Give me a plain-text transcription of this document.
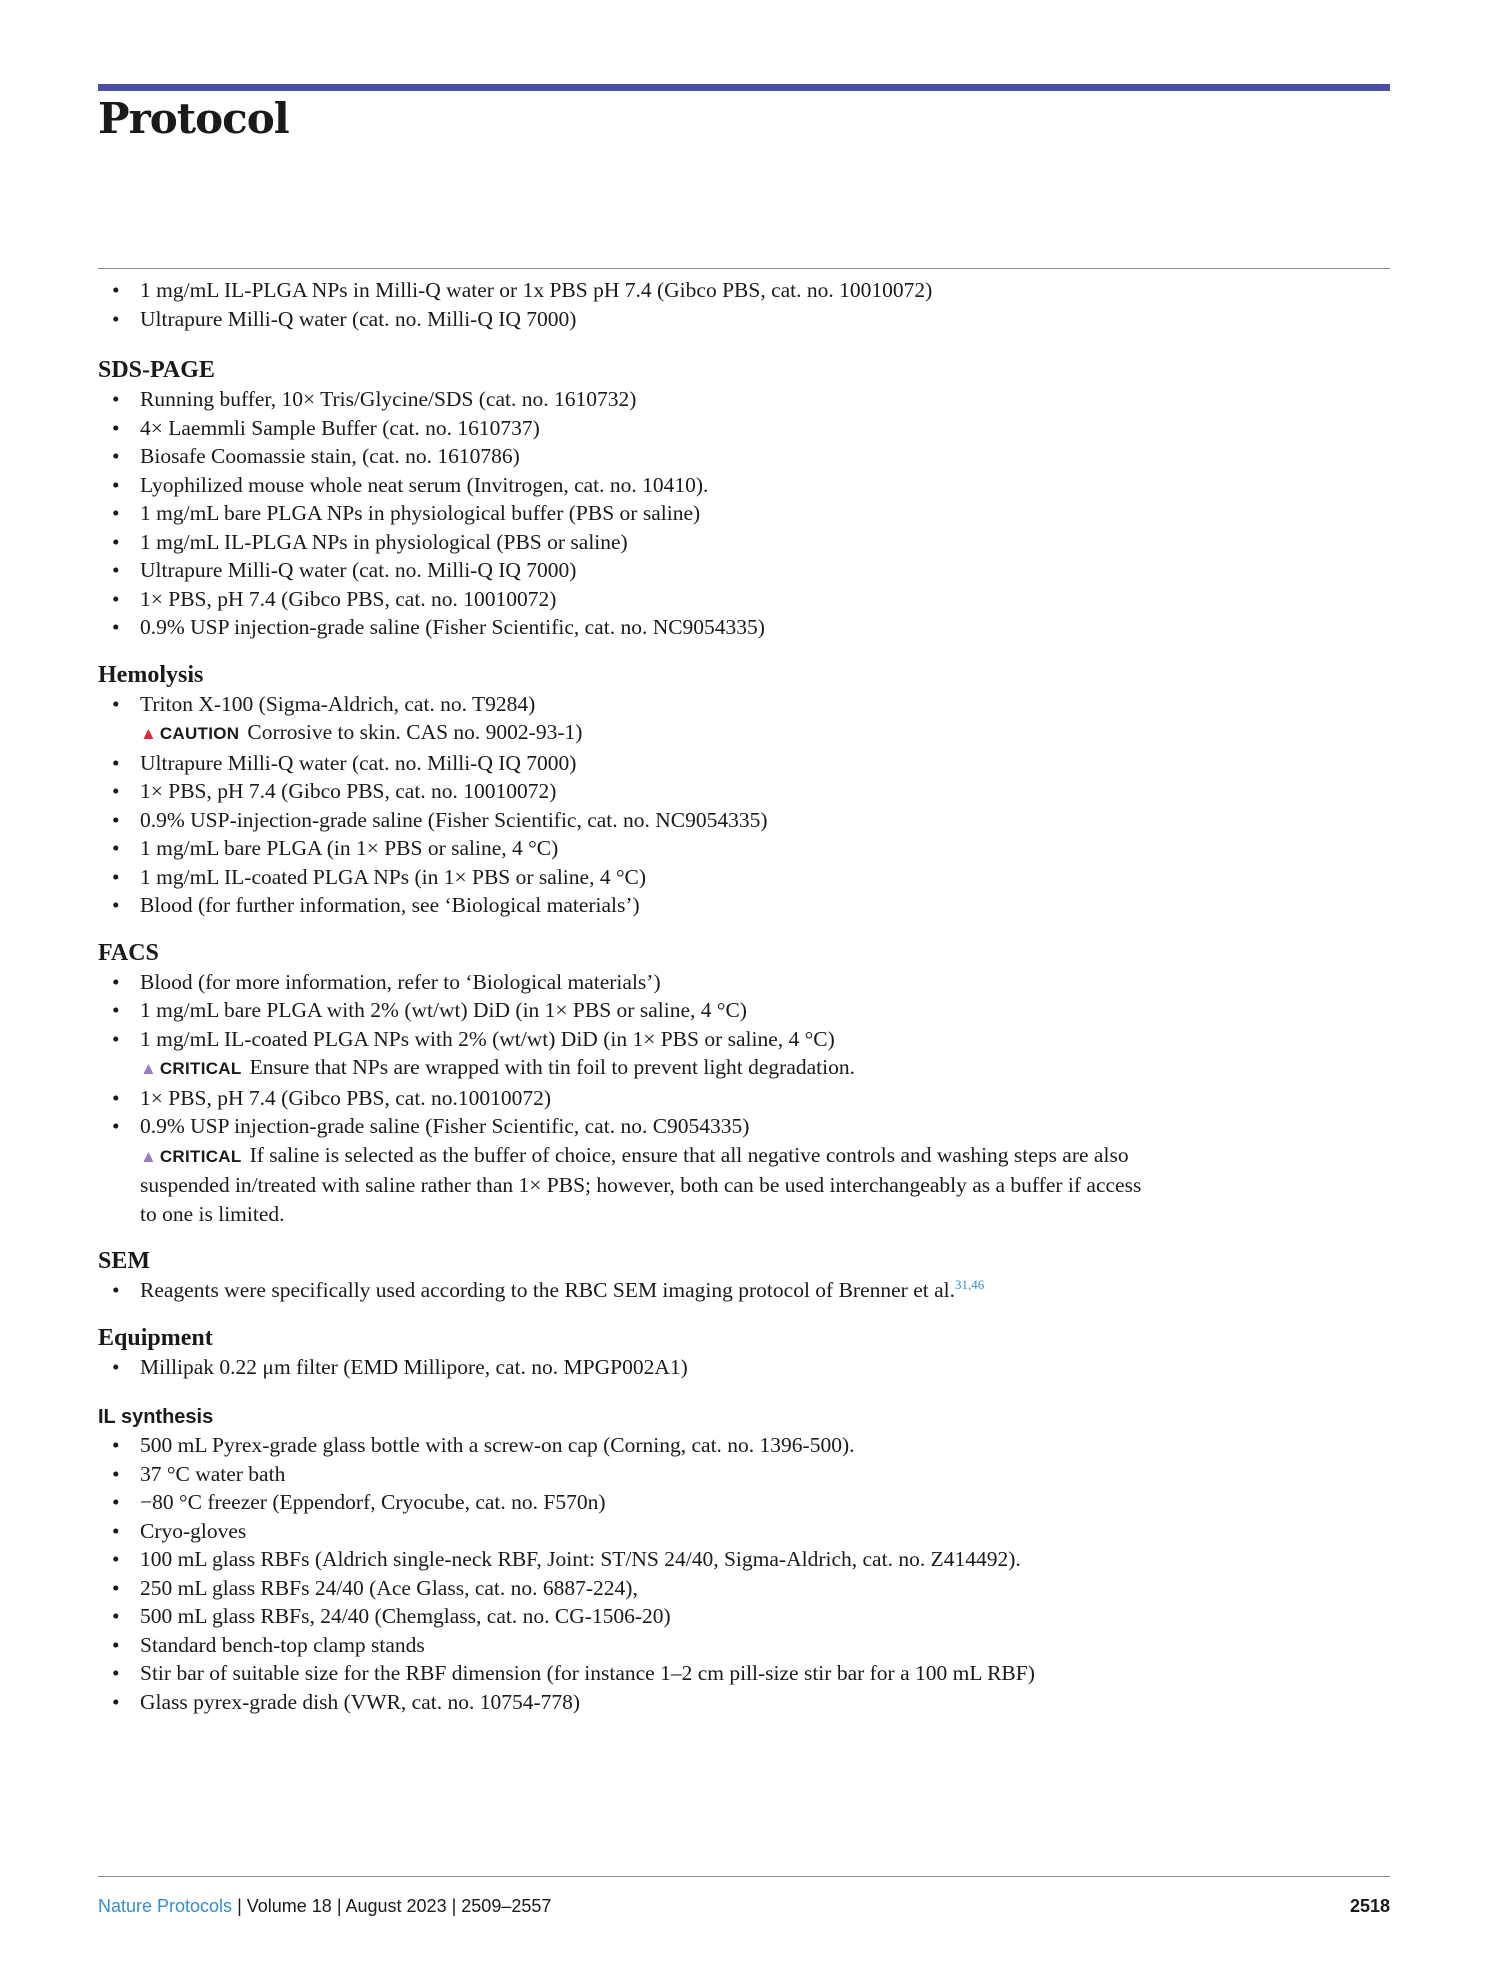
Protocol
• 1 mg/mL IL-PLGA NPs in Milli-Q water or 1x PBS pH 7.4 (Gibco PBS, cat. no. 10010072)
• Ultrapure Milli-Q water (cat. no. Milli-Q IQ 7000)
SDS-PAGE
• Running buffer, 10× Tris/Glycine/SDS (cat. no. 1610732)
• 4× Laemmli Sample Buffer (cat. no. 1610737)
• Biosafe Coomassie stain, (cat. no. 1610786)
• Lyophilized mouse whole neat serum (Invitrogen, cat. no. 10410).
• 1 mg/mL bare PLGA NPs in physiological buffer (PBS or saline)
• 1 mg/mL IL-PLGA NPs in physiological (PBS or saline)
• Ultrapure Milli-Q water (cat. no. Milli-Q IQ 7000)
• 1× PBS, pH 7.4 (Gibco PBS, cat. no. 10010072)
• 0.9% USP injection-grade saline (Fisher Scientific, cat. no. NC9054335)
Hemolysis
• Triton X-100 (Sigma-Aldrich, cat. no. T9284)
▲ CAUTION Corrosive to skin. CAS no. 9002-93-1)
• Ultrapure Milli-Q water (cat. no. Milli-Q IQ 7000)
• 1× PBS, pH 7.4 (Gibco PBS, cat. no. 10010072)
• 0.9% USP-injection-grade saline (Fisher Scientific, cat. no. NC9054335)
• 1 mg/mL bare PLGA (in 1× PBS or saline, 4 °C)
• 1 mg/mL IL-coated PLGA NPs (in 1× PBS or saline, 4 °C)
• Blood (for further information, see ‘Biological materials’)
FACS
• Blood (for more information, refer to ‘Biological materials’)
• 1 mg/mL bare PLGA with 2% (wt/wt) DiD (in 1× PBS or saline, 4 °C)
• 1 mg/mL IL-coated PLGA NPs with 2% (wt/wt) DiD (in 1× PBS or saline, 4 °C)
▲ CRITICAL Ensure that NPs are wrapped with tin foil to prevent light degradation.
• 1× PBS, pH 7.4 (Gibco PBS, cat. no.10010072)
• 0.9% USP injection-grade saline (Fisher Scientific, cat. no. C9054335)
▲ CRITICAL If saline is selected as the buffer of choice, ensure that all negative controls and washing steps are also suspended in/treated with saline rather than 1× PBS; however, both can be used interchangeably as a buffer if access to one is limited.
SEM
• Reagents were specifically used according to the RBC SEM imaging protocol of Brenner et al.$^{31,46}$
Equipment
• Millipak 0.22 μm filter (EMD Millipore, cat. no. MPGP002A1)
IL synthesis
• 500 mL Pyrex-grade glass bottle with a screw-on cap (Corning, cat. no. 1396-500).
• 37 °C water bath
• −80 °C freezer (Eppendorf, Cryocube, cat. no. F570n)
• Cryo-gloves
• 100 mL glass RBFs (Aldrich single-neck RBF, Joint: ST/NS 24/40, Sigma-Aldrich, cat. no. Z414492).
• 250 mL glass RBFs 24/40 (Ace Glass, cat. no. 6887-224),
• 500 mL glass RBFs, 24/40 (Chemglass, cat. no. CG-1506-20)
• Standard bench-top clamp stands
• Stir bar of suitable size for the RBF dimension (for instance 1–2 cm pill-size stir bar for a 100 mL RBF)
• Glass pyrex-grade dish (VWR, cat. no. 10754-778)
Nature Protocols | Volume 18 | August 2023 | 2509–2557	2518
